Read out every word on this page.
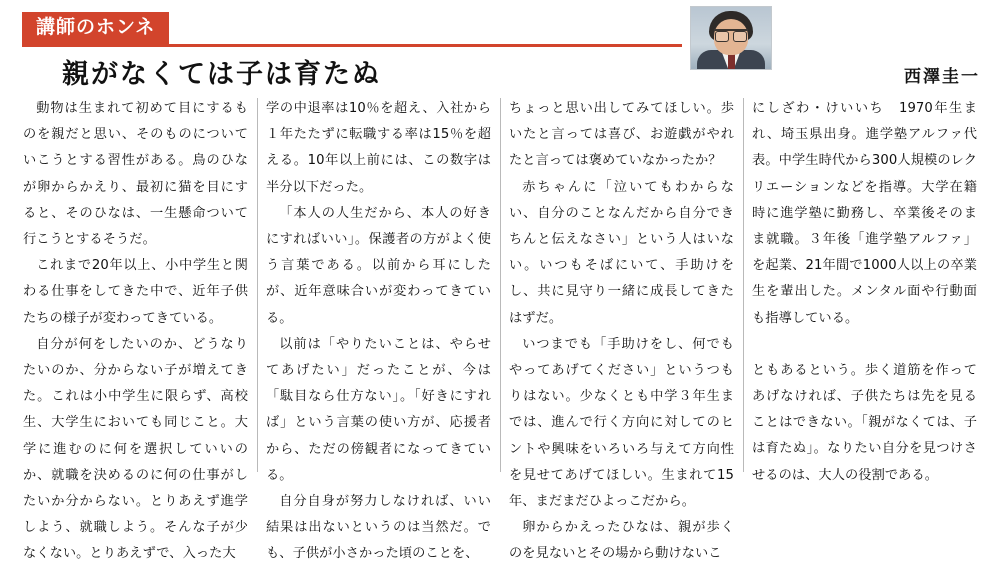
講師のホンネ
親がなくては子は育たぬ	西澤圭一

動物は生まれて初めて目にするものを親だと思い、そのものについていこうとする習性がある。鳥のひなが卵からかえり、最初に猫を目にすると、そのひなは、一生懸命ついて行こうとするそうだ。

これまで20年以上、小中学生と関わる仕事をしてきた中で、近年子供たちの様子が変わってきている。

自分が何をしたいのか、どうなりたいのか、分からない子が増えてきた。これは小中学生に限らず、高校生、大学生においても同じこと。大学に進むのに何を選択していいのか、就職を決めるのに何の仕事がしたいか分からない。とりあえず進学しよう、就職しよう。そんな子が少なくない。とりあえずで、入った大

学の中退率は10％を超え、入社から１年たたずに転職する率は15％を超える。10年以上前には、この数字は半分以下だった。

「本人の人生だから、本人の好きにすればいい」。保護者の方がよく使う言葉である。以前から耳にしたが、近年意味合いが変わってきている。

以前は「やりたいことは、やらせてあげたい」だったことが、今は「駄目なら仕方ない」。「好きにすれば」という言葉の使い方が、応援者から、ただの傍観者になってきている。

自分自身が努力しなければ、いい結果は出ないというのは当然だ。でも、子供が小さかった頃のことを、

ちょっと思い出してみてほしい。歩いたと言っては喜び、お遊戯がやれたと言っては褒めていなかったか？

赤ちゃんに「泣いてもわからない、自分のことなんだから自分できちんと伝えなさい」という人はいない。いつもそばにいて、手助けをし、共に見守り一緒に成長してきたはずだ。

いつまでも「手助けをし、何でもやってあげてください」というつもりはない。少なくとも中学３年生までは、進んで行く方向に対してのヒントや興味をいろいろ与えて方向性を見せてあげてほしい。生まれて15年、まだまだひよっこだから。

卵からかえったひなは、親が歩くのを見ないとその場から動けないこ

にしざわ・けいいち　1970年生まれ、埼玉県出身。進学塾アルファ代表。中学生時代から300人規模のレクリエーションなどを指導。大学在籍時に進学塾に勤務し、卒業後そのまま就職。３年後「進学塾アルファ」を起業、21年間で1000人以上の卒業生を輩出した。メンタル面や行動面も指導している。

ともあるという。歩く道筋を作ってあげなければ、子供たちは先を見ることはできない。「親がなくては、子は育たぬ」。なりたい自分を見つけさせるのは、大人の役割である。
